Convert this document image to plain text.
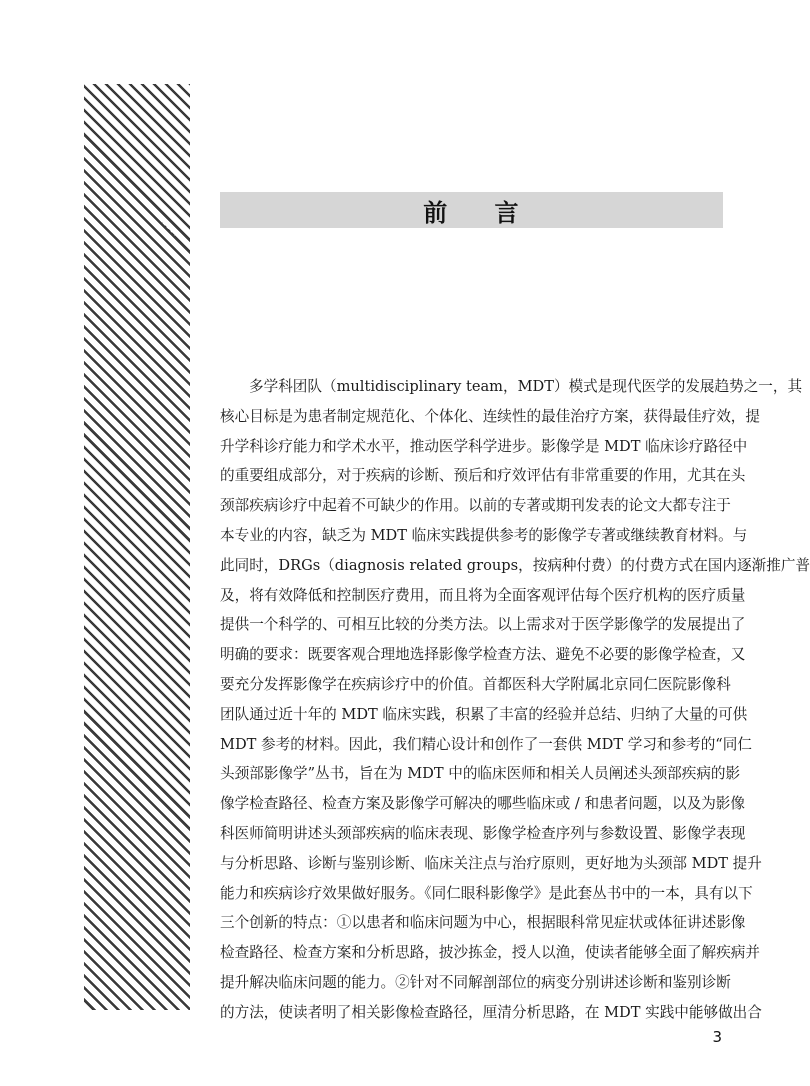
前 言
多学科团队（multidisciplinary team，MDT）模式是现代医学的发展趋势之一，其
核心目标是为患者制定规范化、个体化、连续性的最佳治疗方案，获得最佳疗效，提
升学科诊疗能力和学术水平，推动医学科学进步。影像学是 MDT 临床诊疗路径中
的重要组成部分，对于疾病的诊断、预后和疗效评估有非常重要的作用，尤其在头
颈部疾病诊疗中起着不可缺少的作用。以前的专著或期刊发表的论文大都专注于
本专业的内容，缺乏为 MDT 临床实践提供参考的影像学专著或继续教育材料。与
此同时，DRGs（diagnosis related groups，按病种付费）的付费方式在国内逐渐推广普
及，将有效降低和控制医疗费用，而且将为全面客观评估每个医疗机构的医疗质量
提供一个科学的、可相互比较的分类方法。以上需求对于医学影像学的发展提出了
明确的要求：既要客观合理地选择影像学检查方法、避免不必要的影像学检查，又
要充分发挥影像学在疾病诊疗中的价值。首都医科大学附属北京同仁医院影像科
团队通过近十年的 MDT 临床实践，积累了丰富的经验并总结、归纳了大量的可供
MDT 参考的材料。因此，我们精心设计和创作了一套供 MDT 学习和参考的“同仁
头颈部影像学”丛书，旨在为 MDT 中的临床医师和相关人员阐述头颈部疾病的影
像学检查路径、检查方案及影像学可解决的哪些临床或 / 和患者问题，以及为影像
科医师简明讲述头颈部疾病的临床表现、影像学检查序列与参数设置、影像学表现
与分析思路、诊断与鉴别诊断、临床关注点与治疗原则，更好地为头颈部 MDT 提升
能力和疾病诊疗效果做好服务。《同仁眼科影像学》是此套丛书中的一本，具有以下
三个创新的特点：①以患者和临床问题为中心，根据眼科常见症状或体征讲述影像
检查路径、检查方案和分析思路，披沙拣金，授人以渔，使读者能够全面了解疾病并
提升解决临床问题的能力。②针对不同解剖部位的病变分别讲述诊断和鉴别诊断
的方法，使读者明了相关影像检查路径，厘清分析思路，在 MDT 实践中能够做出合
3
